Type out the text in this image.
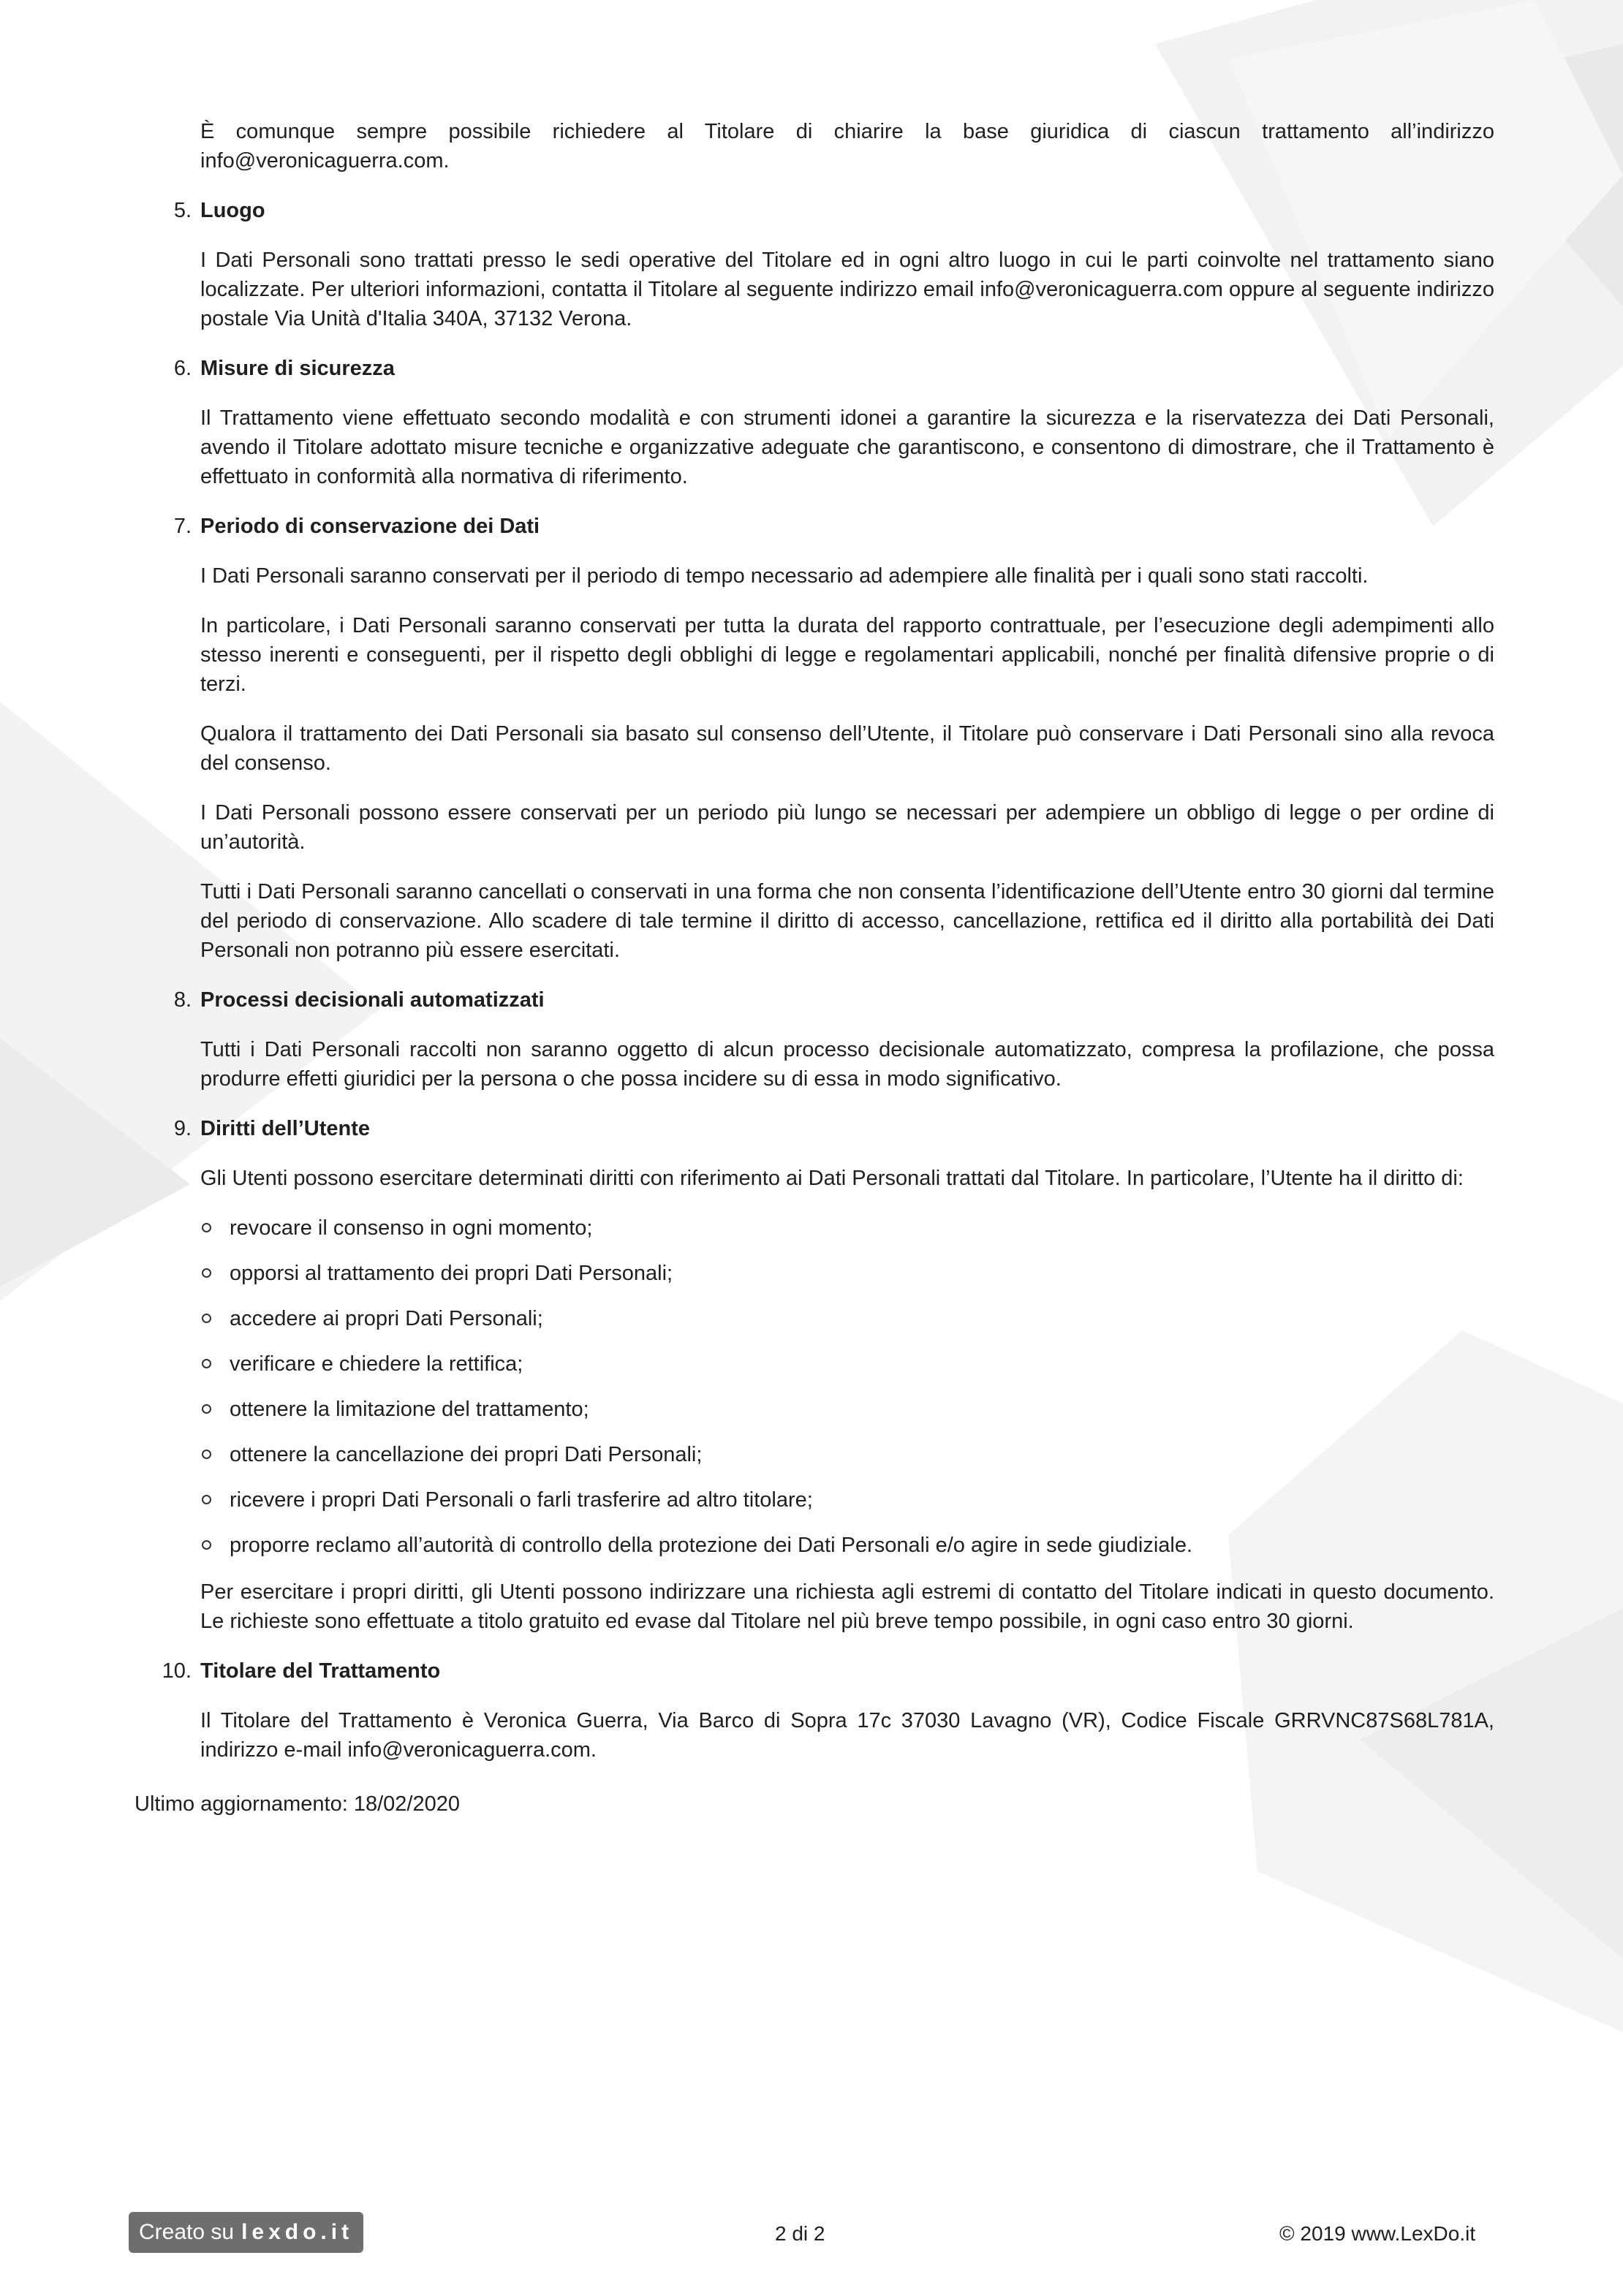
È comunque sempre possibile richiedere al Titolare di chiarire la base giuridica di ciascun trattamento all’indirizzo info@veronicaguerra.com.

5. Luogo

I Dati Personali sono trattati presso le sedi operative del Titolare ed in ogni altro luogo in cui le parti coinvolte nel trattamento siano localizzate. Per ulteriori informazioni, contatta il Titolare al seguente indirizzo email info@veronicaguerra.com oppure al seguente indirizzo postale Via Unità d'Italia 340A, 37132 Verona.

6. Misure di sicurezza

Il Trattamento viene effettuato secondo modalità e con strumenti idonei a garantire la sicurezza e la riservatezza dei Dati Personali, avendo il Titolare adottato misure tecniche e organizzative adeguate che garantiscono, e consentono di dimostrare, che il Trattamento è effettuato in conformità alla normativa di riferimento.

7. Periodo di conservazione dei Dati

I Dati Personali saranno conservati per il periodo di tempo necessario ad adempiere alle finalità per i quali sono stati raccolti.

In particolare, i Dati Personali saranno conservati per tutta la durata del rapporto contrattuale, per l’esecuzione degli adempimenti allo stesso inerenti e conseguenti, per il rispetto degli obblighi di legge e regolamentari applicabili, nonché per finalità difensive proprie o di terzi.

Qualora il trattamento dei Dati Personali sia basato sul consenso dell’Utente, il Titolare può conservare i Dati Personali sino alla revoca del consenso.

I Dati Personali possono essere conservati per un periodo più lungo se necessari per adempiere un obbligo di legge o per ordine di un’autorità.

Tutti i Dati Personali saranno cancellati o conservati in una forma che non consenta l’identificazione dell’Utente entro 30 giorni dal termine del periodo di conservazione. Allo scadere di tale termine il diritto di accesso, cancellazione, rettifica ed il diritto alla portabilità dei Dati Personali non potranno più essere esercitati.

8. Processi decisionali automatizzati

Tutti i Dati Personali raccolti non saranno oggetto di alcun processo decisionale automatizzato, compresa la profilazione, che possa produrre effetti giuridici per la persona o che possa incidere su di essa in modo significativo.

9. Diritti dell’Utente

Gli Utenti possono esercitare determinati diritti con riferimento ai Dati Personali trattati dal Titolare. In particolare, l’Utente ha il diritto di:

revocare il consenso in ogni momento;
opporsi al trattamento dei propri Dati Personali;
accedere ai propri Dati Personali;
verificare e chiedere la rettifica;
ottenere la limitazione del trattamento;
ottenere la cancellazione dei propri Dati Personali;
ricevere i propri Dati Personali o farli trasferire ad altro titolare;
proporre reclamo all’autorità di controllo della protezione dei Dati Personali e/o agire in sede giudiziale.

Per esercitare i propri diritti, gli Utenti possono indirizzare una richiesta agli estremi di contatto del Titolare indicati in questo documento. Le richieste sono effettuate a titolo gratuito ed evase dal Titolare nel più breve tempo possibile, in ogni caso entro 30 giorni.

10. Titolare del Trattamento

Il Titolare del Trattamento è Veronica Guerra, Via Barco di Sopra 17c 37030 Lavagno (VR), Codice Fiscale GRRVNC87S68L781A, indirizzo e-mail info@veronicaguerra.com.

Ultimo aggiornamento: 18/02/2020
Creato su lexdo.it	2 di 2	© 2019 www.LexDo.it
